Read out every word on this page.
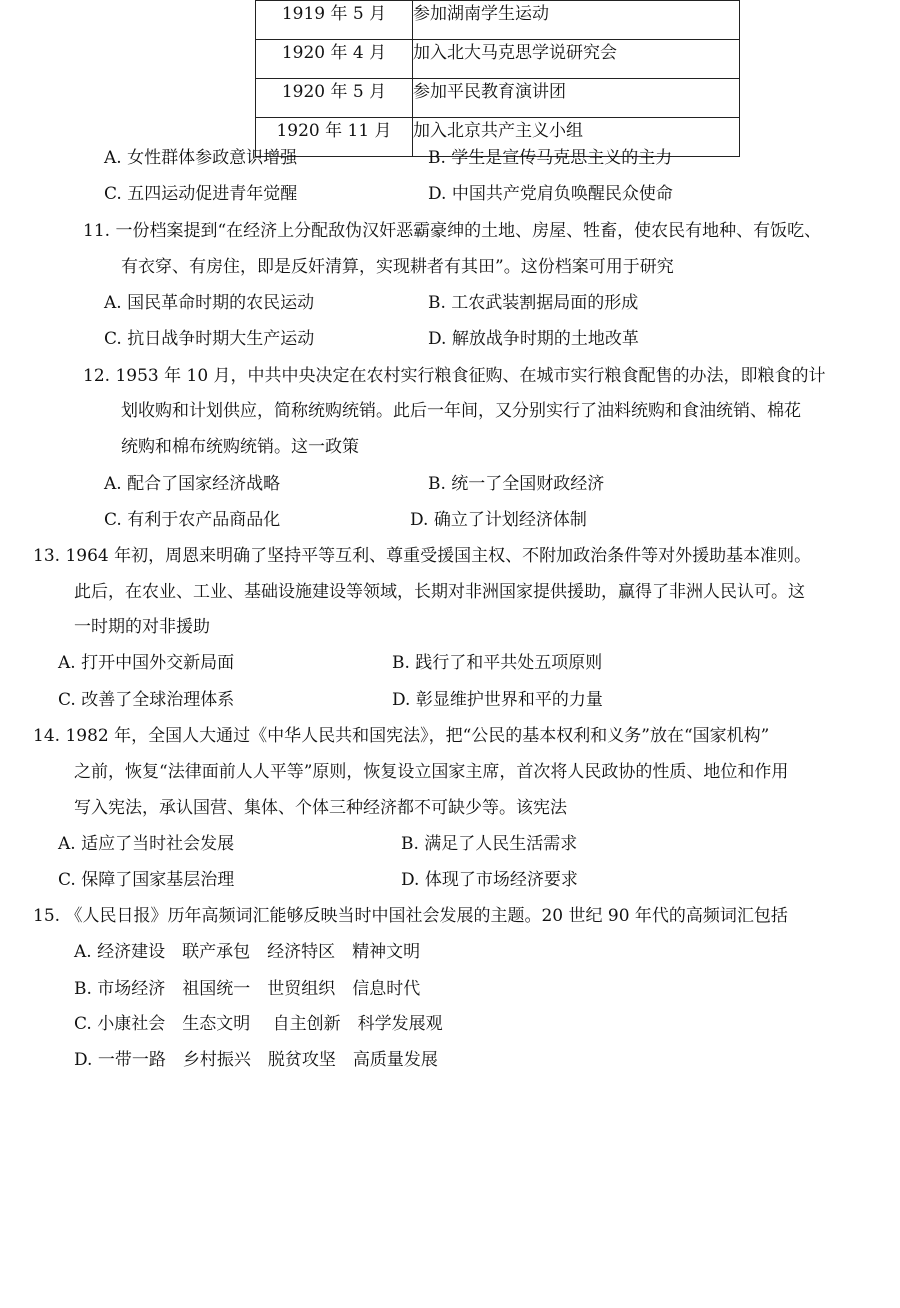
1919 年 5 月	参加湖南学生运动
1920 年 4 月	加入北大马克思学说研究会
1920 年 5 月	参加平民教育演讲团
1920 年 11 月	加入北京共产主义小组
A. 女性群体参政意识增强	B. 学生是宣传马克思主义的主力
C. 五四运动促进青年觉醒	D. 中国共产党肩负唤醒民众使命
11. 一份档案提到“在经济上分配敌伪汉奸恶霸豪绅的土地、房屋、牲畜，使农民有地种、有饭吃、
有衣穿、有房住，即是反奸清算，实现耕者有其田”。这份档案可用于研究
A. 国民革命时期的农民运动	B. 工农武装割据局面的形成
C. 抗日战争时期大生产运动	D. 解放战争时期的土地改革
12. 1953 年 10 月，中共中央决定在农村实行粮食征购、在城市实行粮食配售的办法，即粮食的计
划收购和计划供应，简称统购统销。此后一年间，又分别实行了油料统购和食油统销、棉花
统购和棉布统购统销。这一政策
A. 配合了国家经济战略	B. 统一了全国财政经济
C. 有利于农产品商品化	D. 确立了计划经济体制
13. 1964 年初，周恩来明确了坚持平等互利、尊重受援国主权、不附加政治条件等对外援助基本准则。
此后，在农业、工业、基础设施建设等领域，长期对非洲国家提供援助，赢得了非洲人民认可。这
一时期的对非援助
A. 打开中国外交新局面	B. 践行了和平共处五项原则
C. 改善了全球治理体系	D. 彰显维护世界和平的力量
14. 1982 年，全国人大通过《中华人民共和国宪法》，把“公民的基本权利和义务”放在“国家机构”
之前，恢复“法律面前人人平等”原则，恢复设立国家主席，首次将人民政协的性质、地位和作用
写入宪法，承认国营、集体、个体三种经济都不可缺少等。该宪法
A. 适应了当时社会发展	B. 满足了人民生活需求
C. 保障了国家基层治理	D. 体现了市场经济要求
15. 《人民日报》历年高频词汇能够反映当时中国社会发展的主题。20 世纪 90 年代的高频词汇包括
A. 经济建设　联产承包　经济特区　精神文明
B. 市场经济　祖国统一　世贸组织　信息时代
C. 小康社会　生态文明　 自主创新　科学发展观
D. 一带一路　乡村振兴　脱贫攻坚　高质量发展
